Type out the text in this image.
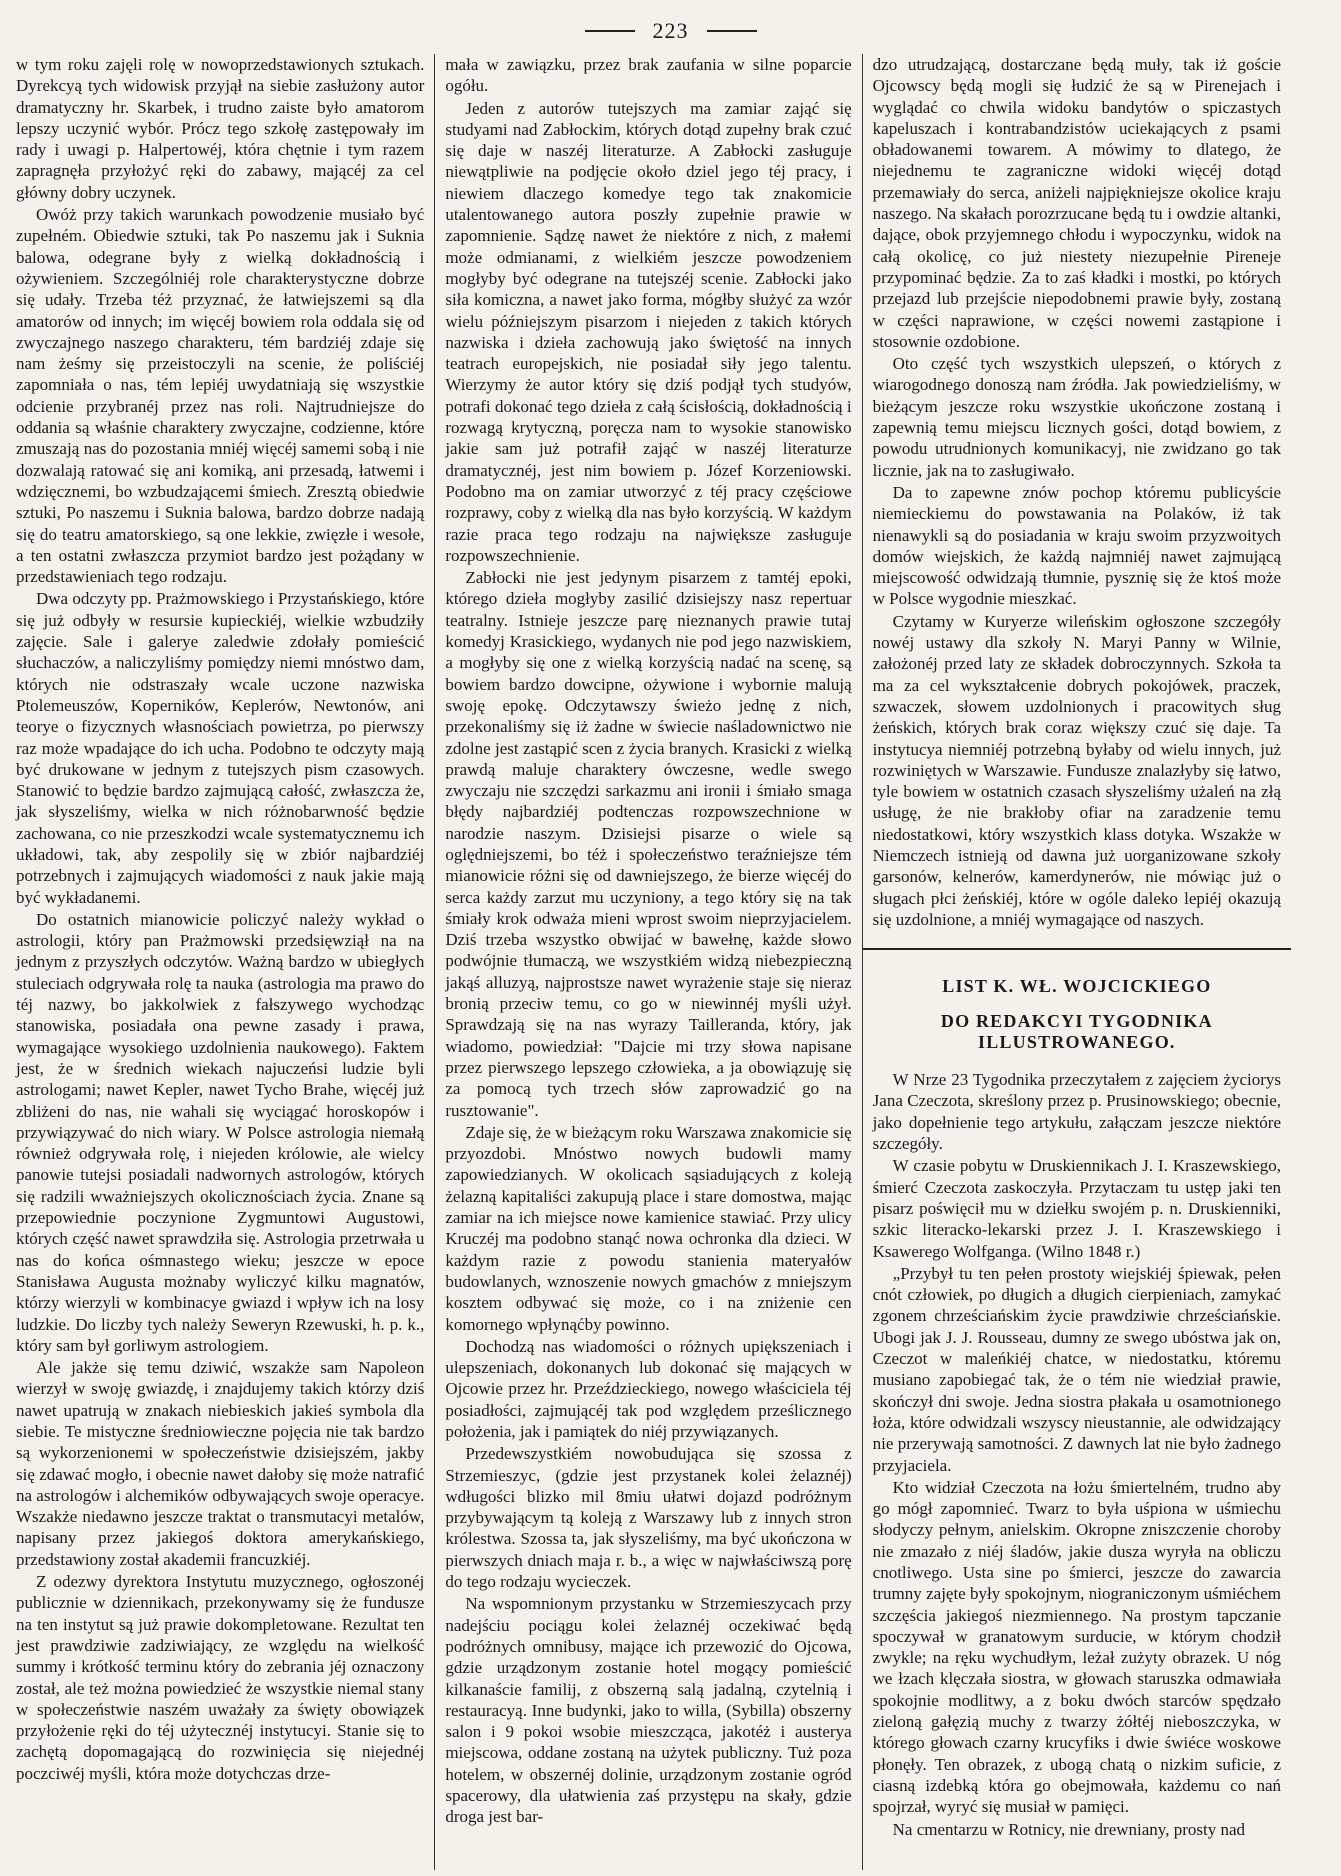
223

w tym roku zajęli rolę w nowoprzedstawionych sztukach. Dyrekcyą tych widowisk przyjął na siebie zasłużony autor dramatyczny hr. Skarbek, i trudno zaiste było amatorom lepszy uczynić wybór. Prócz tego szkołę zastępowały im rady i uwagi p. Halpertowéj, która chętnie i tym razem zapragnęła przyłożyć ręki do zabawy, mającéj za cel główny dobry uczynek.

Owóż przy takich warunkach powodzenie musiało być zupełném. Obiedwie sztuki, tak Po naszemu jak i Suknia balowa, odegrane były z wielką dokładnością i ożywieniem. Szczególniéj role charakterystyczne dobrze się udały. Trzeba téż przyznać, że łatwiejszemi są dla amatorów od innych; im więcéj bowiem rola oddala się od zwyczajnego naszego charakteru, tém bardziéj zdaje się nam żeśmy się przeistoczyli na scenie, że poliściéj zapomniała o nas, tém lepiéj uwydatniają się wszystkie odcienie przybranéj przez nas roli. Najtrudniejsze do oddania są właśnie charaktery zwyczajne, codzienne, które zmuszają nas do pozostania mniéj więcéj samemi sobą i nie dozwalają ratować się ani komiką, ani przesadą, łatwemi i wdzięcznemi, bo wzbudzającemi śmiech. Zresztą obiedwie sztuki, Po naszemu i Suknia balowa, bardzo dobrze nadają się do teatru amatorskiego, są one lekkie, zwięzłe i wesołe, a ten ostatni zwłaszcza przymiot bardzo jest pożądany w przedstawieniach tego rodzaju.

Dwa odczyty pp. Prażmowskiego i Przystańskiego, które się już odbyły w resursie kupieckiéj, wielkie wzbudziły zajęcie. Sale i galerye zaledwie zdołały pomieścić słuchaczów, a naliczyliśmy pomiędzy niemi mnóstwo dam, których nie odstraszały wcale uczone nazwiska Ptolemeuszów, Koperników, Keplerów, Newtonów, ani teorye o fizycznych własnościach powietrza, po pierwszy raz może wpadające do ich ucha. Podobno te odczyty mają być drukowane w jednym z tutejszych pism czasowych. Stanowić to będzie bardzo zajmującą całość, zwłaszcza że, jak słyszeliśmy, wielka w nich różnobarwność będzie zachowana, co nie przeszkodzi wcale systematycznemu ich układowi, tak, aby zespolily się w zbiór najbardziéj potrzebnych i zajmujących wiadomości z nauk jakie mają być wykładanemi.

Do ostatnich mianowicie policzyć należy wykład o astrologii, który pan Prażmowski przedsięwziął na na jednym z przyszłych odczytów. Ważną bardzo w ubiegłych stuleciach odgrywała rolę ta nauka (astrologia ma prawo do téj nazwy, bo jakkolwiek z fałszywego wychodząc stanowiska, posiadała ona pewne zasady i prawa, wymagające wysokiego uzdolnienia naukowego). Faktem jest, że w średnich wiekach najuczeńsi ludzie byli astrologami; nawet Kepler, nawet Tycho Brahe, więcéj już zbliżeni do nas, nie wahali się wyciągać horoskopów i przywiązywać do nich wiary. W Polsce astrologia niemałą również odgrywała rolę, i niejeden królowie, ale wielcy panowie tutejsi posiadali nadwornych astrologów, których się radzili wważniejszych okolicznościach życia. Znane są przepowiednie poczynione Zygmuntowi Augustowi, których część nawet sprawdziła się. Astrologia przetrwała u nas do końca ośmnastego wieku; jeszcze w epoce Stanisława Augusta możnaby wyliczyć kilku magnatów, którzy wierzyli w kombinacye gwiazd i wpływ ich na losy ludzkie. Do liczby tych należy Seweryn Rzewuski, h. p. k., który sam był gorliwym astrologiem.

Ale jakże się temu dziwić, wszakże sam Napoleon wierzył w swoję gwiazdę, i znajdujemy takich którzy dziś nawet upatrują w znakach niebieskich jakieś symbola dla siebie. Te mistyczne średniowieczne pojęcia nie tak bardzo są wykorzenionemi w społeczeństwie dzisiejszém, jakby się zdawać mogło, i obecnie nawet dałoby się może natrafić na astrologów i alchemików odbywających swoje operacye. Wszakże niedawno jeszcze traktat o transmutacyi metalów, napisany przez jakiegoś doktora amerykańskiego, przedstawiony został akademii francuzkiéj.

Z odezwy dyrektora Instytutu muzycznego, ogłoszonéj publicznie w dziennikach, przekonywamy się że fundusze na ten instytut są już prawie dokompletowane. Rezultat ten jest prawdziwie zadziwiający, ze względu na wielkość summy i krótkość terminu który do zebrania jéj oznaczony został, ale też można powiedzieć że wszystkie niemal stany w społeczeństwie naszém uważały za święty obowiązek przyłożenie ręki do téj użytecznéj instytucyi. Stanie się to zachętą dopomagającą do rozwinięcia się niejednéj poczciwéj myśli, która może dotychczas drze-

mała w zawiązku, przez brak zaufania w silne poparcie ogółu.

Jeden z autorów tutejszych ma zamiar zająć się studyami nad Zabłockim, których dotąd zupełny brak czuć się daje w naszéj literaturze. A Zabłocki zasługuje niewątpliwie na podjęcie około dziel jego téj pracy, i niewiem dlaczego komedye tego tak znakomicie utalentowanego autora poszły zupełnie prawie w zapomnienie. Sądzę nawet że niektóre z nich, z małemi może odmianami, z wielkiém jeszcze powodzeniem mogłyby być odegrane na tutejszéj scenie. Zabłocki jako siła komiczna, a nawet jako forma, mógłby służyć za wzór wielu późniejszym pisarzom i niejeden z takich których nazwiska i dzieła zachowują jako świętość na innych teatrach europejskich, nie posiadał siły jego talentu. Wierzymy że autor który się dziś podjął tych studyów, potrafi dokonać tego dzieła z całą ścisłością, dokładnością i rozwagą krytyczną, poręcza nam to wysokie stanowisko jakie sam już potrafił zająć w naszéj literaturze dramatycznéj, jest nim bowiem p. Józef Korzeniowski. Podobno ma on zamiar utworzyć z téj pracy częściowe rozprawy, coby z wielką dla nas było korzyścią. W każdym razie praca tego rodzaju na największe zasługuje rozpowszechnienie.

Zabłocki nie jest jedynym pisarzem z tamtéj epoki, którego dzieła mogłyby zasilić dzisiejszy nasz repertuar teatralny. Istnieje jeszcze parę nieznanych prawie tutaj komedyj Krasickiego, wydanych nie pod jego nazwiskiem, a mogłyby się one z wielką korzyścią nadać na scenę, są bowiem bardzo dowcipne, ożywione i wybornie malują swoję epokę. Odczytawszy świeżo jednę z nich, przekonaliśmy się iż żadne w świecie naśladownictwo nie zdolne jest zastąpić scen z życia branych. Krasicki z wielką prawdą maluje charaktery ówczesne, wedle swego zwyczaju nie szczędzi sarkazmu ani ironii i śmiało smaga błędy najbardziéj podtenczas rozpowszechnione w narodzie naszym. Dzisiejsi pisarze o wiele są oględniejszemi, bo téż i społeczeństwo teraźniejsze tém mianowicie różni się od dawniejszego, że bierze więcéj do serca każdy zarzut mu uczyniony, a tego który się na tak śmiały krok odważa mieni wprost swoim nieprzyjacielem. Dziś trzeba wszystko obwijać w bawełnę, każde słowo podwójnie tłumaczą, we wszystkiém widzą niebezpieczną jakąś alluzyą, najprostsze nawet wyrażenie staje się nieraz bronią przeciw temu, co go w niewinnéj myśli użył. Sprawdzają się na nas wyrazy Tailleranda, który, jak wiadomo, powiedział: "Dajcie mi trzy słowa napisane przez pierwszego lepszego człowieka, a ja obowiązuję się za pomocą tych trzech słów zaprowadzić go na rusztowanie".

Zdaje się, że w bieżącym roku Warszawa znakomicie się przyozdobi. Mnóstwo nowych budowli mamy zapowiedzianych. W okolicach sąsiadujących z koleją żelazną kapitaliści zakupują place i stare domostwa, mając zamiar na ich miejsce nowe kamienice stawiać. Przy ulicy Kruczéj ma podobno stanąć nowa ochronka dla dzieci. W każdym razie z powodu stanienia materyałów budowlanych, wznoszenie nowych gmachów z mniejszym kosztem odbywać się może, co i na zniżenie cen komornego wpłynąćby powinno.

Dochodzą nas wiadomości o różnych upiększeniach i ulepszeniach, dokonanych lub dokonać się mających w Ojcowie przez hr. Przeździeckiego, nowego właściciela téj posiadłości, zajmującéj tak pod względem prześlicznego położenia, jak i pamiątek do niéj przywiązanych.

Przedewszystkiém nowobudująca się szossa z Strzemieszyc, (gdzie jest przystanek kolei żelaznéj) wdługości blizko mil 8miu ułatwi dojazd podróżnym przybywającym tą koleją z Warszawy lub z innych stron królestwa. Szossa ta, jak słyszeliśmy, ma być ukończona w pierwszych dniach maja r. b., a więc w najwłaściwszą porę do tego rodzaju wycieczek.

Na wspomnionym przystanku w Strzemieszycach przy nadejściu pociągu kolei żelaznéj oczekiwać będą podróżnych omnibusy, mające ich przewozić do Ojcowa, gdzie urządzonym zostanie hotel mogący pomieścić kilkanaście familij, z obszerną salą jadalną, czytelnią i restauracyą. Inne budynki, jako to willa, (Sybilla) obszerny salon i 9 pokoi wsobie mieszcząca, jakotéż i austerya miejscowa, oddane zostaną na użytek publiczny. Tuż poza hotelem, w obszernéj dolinie, urządzonym zostanie ogród spacerowy, dla ułatwienia zaś przystępu na skały, gdzie droga jest bar-

dzo utrudzającą, dostarczane będą muły, tak iż goście Ojcowscy będą mogli się łudzić że są w Pirenejach i wyglądać co chwila widoku bandytów o spiczastych kapeluszach i kontrabandzistów uciekających z psami obładowanemi towarem. A mówimy to dlatego, że niejednemu te zagraniczne widoki więcéj dotąd przemawiały do serca, aniżeli najpiękniejsze okolice kraju naszego. Na skałach porozrzucane będą tu i owdzie altanki, dające, obok przyjemnego chłodu i wypoczynku, widok na całą okolicę, co już niestety niezupełnie Pireneje przypominać będzie. Za to zaś kładki i mostki, po których przejazd lub przejście niepodobnemi prawie były, zostaną w części naprawione, w części nowemi zastąpione i stosownie ozdobione.

Oto część tych wszystkich ulepszeń, o których z wiarogodnego donoszą nam źródła. Jak powiedzieliśmy, w bieżącym jeszcze roku wszystkie ukończone zostaną i zapewnią temu miejscu licznych gości, dotąd bowiem, z powodu utrudnionych komunikacyj, nie zwidzano go tak licznie, jak na to zasługiwało.

Da to zapewne znów pochop któremu publicyście niemieckiemu do powstawania na Polaków, iż tak nienawykli są do posiadania w kraju swoim przyzwoitych domów wiejskich, że każdą najmniéj nawet zajmującą miejscowość odwidzają tłumnie, pysznię się że ktoś może w Polsce wygodnie mieszkać.

Czytamy w Kuryerze wileńskim ogłoszone szczegóły nowéj ustawy dla szkoły N. Maryi Panny w Wilnie, założonéj przed laty ze składek dobroczynnych. Szkoła ta ma za cel wykształcenie dobrych pokojówek, praczek, szwaczek, słowem uzdolnionych i pracowitych sług żeńskich, których brak coraz większy czuć się daje. Ta instytucya niemniéj potrzebną byłaby od wielu innych, już rozwiniętych w Warszawie. Fundusze znalazłyby się łatwo, tyle bowiem w ostatnich czasach słyszeliśmy użaleń na złą usługę, że nie brakłoby ofiar na zaradzenie temu niedostatkowi, który wszystkich klass dotyka. Wszakże w Niemczech istnieją od dawna już uorganizowane szkoły garsonów, kelnerów, kamerdynerów, nie mówiąc już o sługach płci żeńskiéj, które w ogóle daleko lepiéj okazują się uzdolnione, a mniéj wymagające od naszych.

LIST K. WŁ. WOJCICKIEGO
DO REDAKCYI TYGODNIKA ILLUSTROWANEGO.

W Nrze 23 Tygodnika przeczytałem z zajęciem życiorys Jana Czeczota, skreślony przez p. Prusinowskiego; obecnie, jako dopełnienie tego artykułu, załączam jeszcze niektóre szczegóły.

W czasie pobytu w Druskiennikach J. I. Kraszewskiego, śmierć Czeczota zaskoczyła. Przytaczam tu ustęp jaki ten pisarz poświęcił mu w dziełku swojém p. n. Druskienniki, szkic literacko-lekarski przez J. I. Kraszewskiego i Ksawerego Wolfganga. (Wilno 1848 r.)

„Przybył tu ten pełen prostoty wiejskiéj śpiewak, pełen cnót człowiek, po długich a długich cierpieniach, zamykać zgonem chrześciańskim życie prawdziwie chrześciańskie. Ubogi jak J. J. Rousseau, dumny ze swego ubóstwa jak on, Czeczot w maleńkiéj chatce, w niedostatku, któremu musiano zapobiegać tak, że o tém nie wiedział prawie, skończył dni swoje. Jedna siostra płakała u osamotnionego łoża, które odwidzali wszyscy nieustannie, ale odwidzający nie przerywają samotności. Z dawnych lat nie było żadnego przyjaciela.

Kto widział Czeczota na łożu śmiertelném, trudno aby go mógł zapomnieć. Twarz to była uśpiona w uśmiechu słodyczy pełnym, anielskim. Okropne zniszczenie choroby nie zmazało z niéj śladów, jakie dusza wyryła na obliczu cnotliwego. Usta sine po śmierci, jeszcze do zawarcia trumny zajęte były spokojnym, niograniczonym uśmiéchem szczęścia jakiegoś niezmiennego. Na prostym tapczanie spoczywał w granatowym surducie, w którym chodził zwykle; na ręku wychudłym, leżał zużyty obrazek. U nóg we łzach klęczała siostra, w głowach staruszka odmawiała spokojnie modlitwy, a z boku dwóch starców spędzało zieloną gałęzią muchy z twarzy żółtéj nieboszczyka, w którego głowach czarny krucyfiks i dwie świéce woskowe płonęły. Ten obrazek, z ubogą chatą o nizkim suficie, z ciasną izdebką która go obejmowała, każdemu co nań spojrzał, wyryć się musiał w pamięci.

Na cmentarzu w Rotnicy, nie drewniany, prosty nad
